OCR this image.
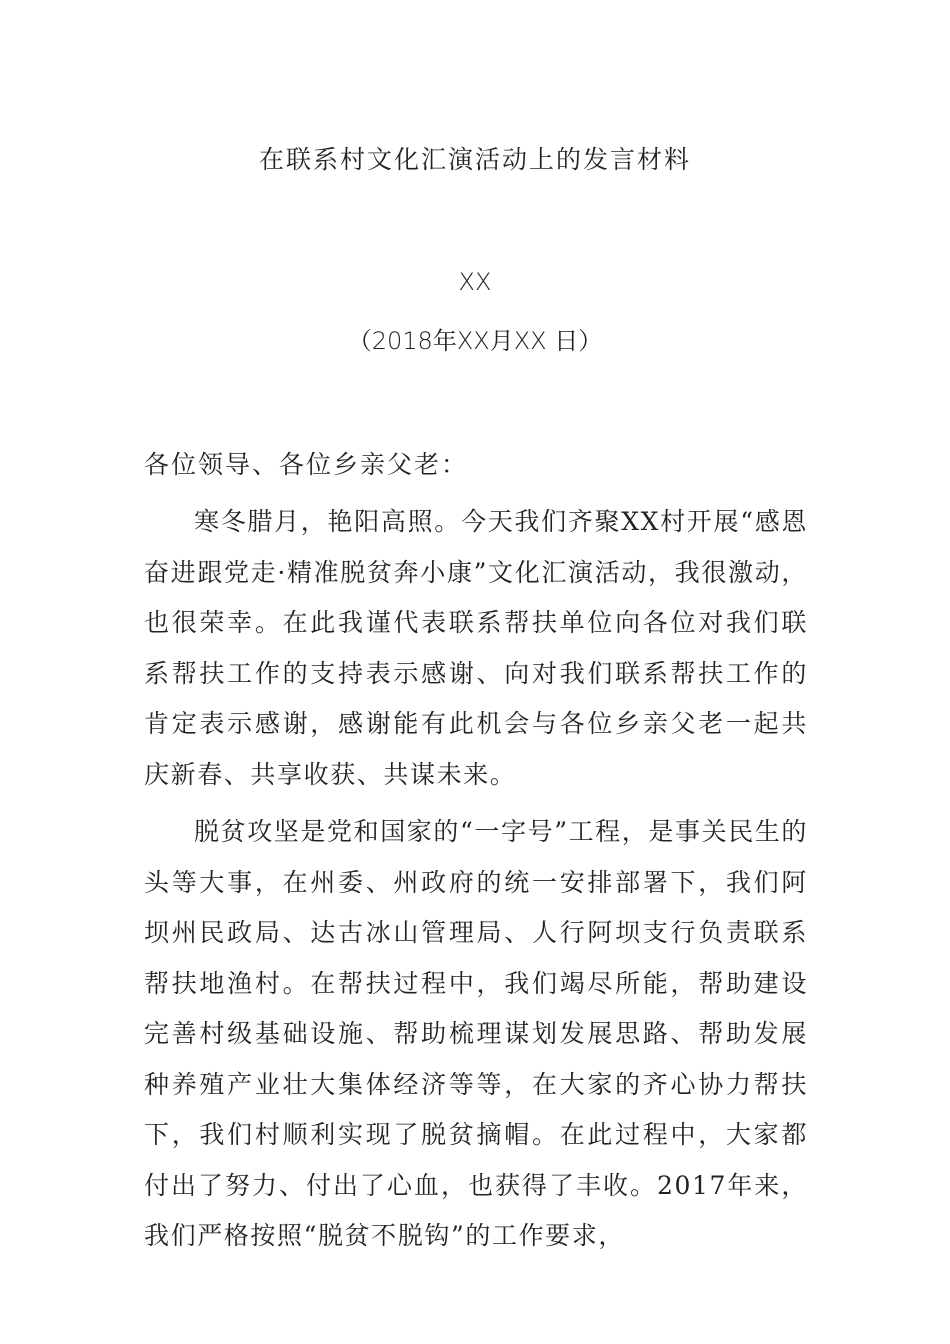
在联系村文化汇演活动上的发言材料
XX
（2018年XX月XX 日）

各位领导、各位乡亲父老：

寒冬腊月，艳阳高照。今天我们齐聚XX村开展“感恩奋进跟党走·精准脱贫奔小康”文化汇演活动，我很激动，也很荣幸。在此我谨代表联系帮扶单位向各位对我们联系帮扶工作的支持表示感谢、向对我们联系帮扶工作的肯定表示感谢，感谢能有此机会与各位乡亲父老一起共庆新春、共享收获、共谋未来。

脱贫攻坚是党和国家的“一字号”工程，是事关民生的头等大事，在州委、州政府的统一安排部署下，我们阿坝州民政局、达古冰山管理局、人行阿坝支行负责联系帮扶地渔村。在帮扶过程中，我们竭尽所能，帮助建设完善村级基础设施、帮助梳理谋划发展思路、帮助发展种养殖产业壮大集体经济等等，在大家的齐心协力帮扶下，我们村顺利实现了脱贫摘帽。在此过程中，大家都付出了努力、付出了心血，也获得了丰收。2017年来，我们严格按照“脱贫不脱钩”的工作要求，
